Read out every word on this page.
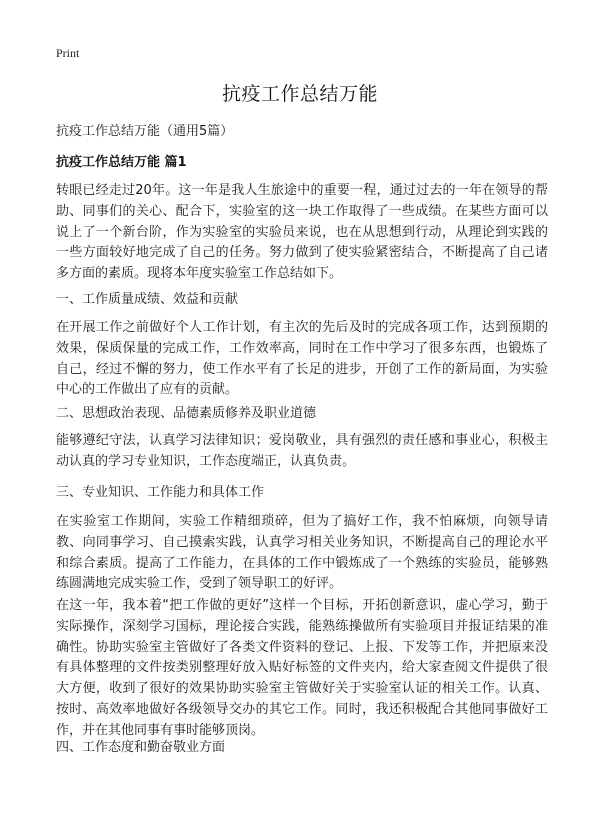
Print
抗疫工作总结万能
抗疫工作总结万能（通用5篇）
抗疫工作总结万能 篇1

转眼已经走过20年。这一年是我人生旅途中的重要一程，通过过去的一年在领导的帮助、同事们的关心、配合下，实验室的这一块工作取得了一些成绩。在某些方面可以说上了一个新台阶，作为实验室的实验员来说，也在从思想到行动，从理论到实践的一些方面较好地完成了自己的任务。努力做到了使实验紧密结合，不断提高了自己诸多方面的素质。现将本年度实验室工作总结如下。

一、工作质量成绩、效益和贡献

在开展工作之前做好个人工作计划，有主次的先后及时的完成各项工作，达到预期的效果，保质保量的完成工作，工作效率高，同时在工作中学习了很多东西，也锻炼了自己，经过不懈的努力，使工作水平有了长足的进步，开创了工作的新局面，为实验中心的工作做出了应有的贡献。

二、思想政治表现、品德素质修养及职业道德

能够遵纪守法，认真学习法律知识；爱岗敬业，具有强烈的责任感和事业心，积极主动认真的学习专业知识，工作态度端正，认真负责。

三、专业知识、工作能力和具体工作

在实验室工作期间，实验工作精细琐碎，但为了搞好工作，我不怕麻烦，向领导请教、向同事学习、自己摸索实践，认真学习相关业务知识，不断提高自己的理论水平和综合素质。提高了工作能力，在具体的工作中锻炼成了一个熟练的实验员，能够熟练圆满地完成实验工作，受到了领导职工的好评。

在这一年，我本着“把工作做的更好”这样一个目标，开拓创新意识，虚心学习，勤于实际操作，深刻学习国标，理论接合实践，能熟练操做所有实验项目并报证结果的准确性。协助实验室主管做好了各类文件资料的登记、上报、下发等工作，并把原来没有具体整理的文件按类别整理好放入贴好标签的文件夹内，给大家查阅文件提供了很大方便，收到了很好的效果协助实验室主管做好关于实验室认证的相关工作。认真、按时、高效率地做好各级领导交办的其它工作。同时，我还积极配合其他同事做好工作，并在其他同事有事时能够顶岗。

四、工作态度和勤奋敬业方面
